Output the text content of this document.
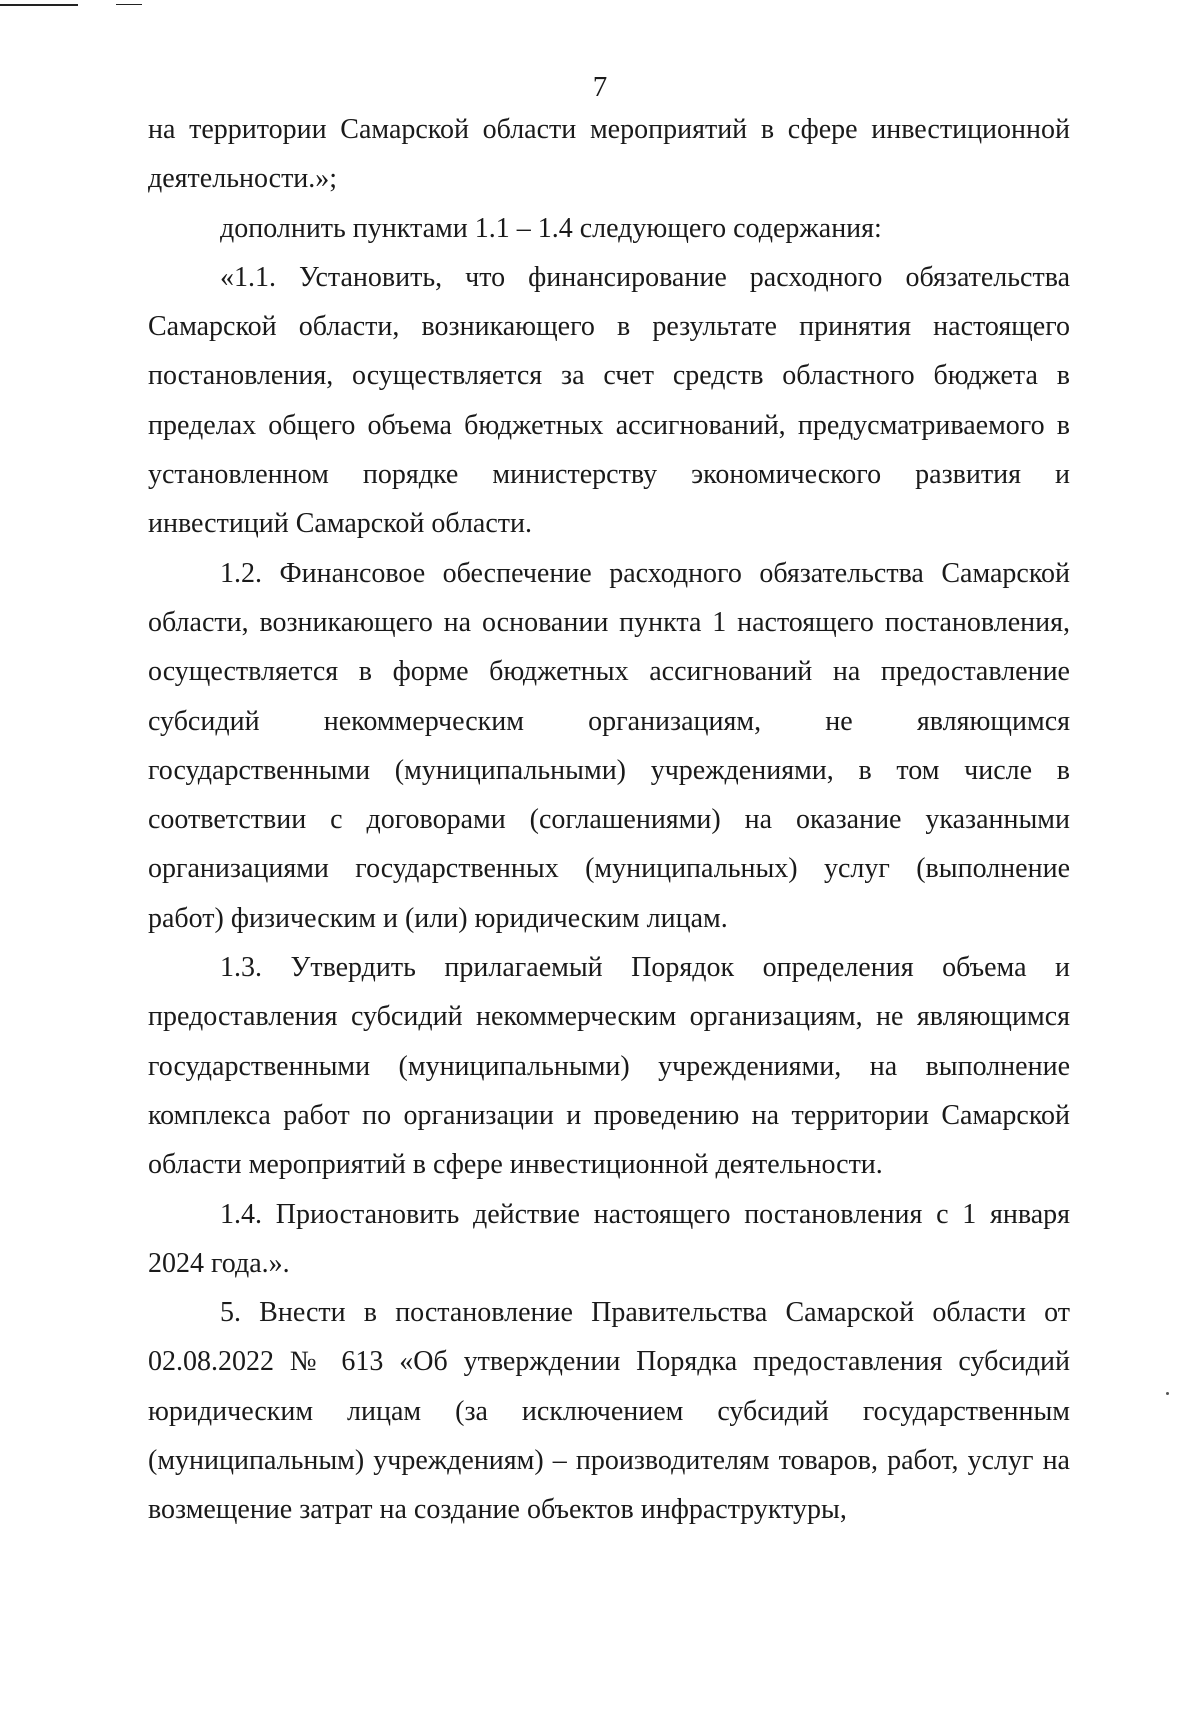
7

на территории Самарской области мероприятий в сфере инвестиционной деятельности.»;

дополнить пунктами 1.1 – 1.4 следующего содержания:

«1.1. Установить, что финансирование расходного обязательства Самарской области, возникающего в результате принятия настоящего постановления, осуществляется за счет средств областного бюджета в пределах общего объема бюджетных ассигнований, предусматриваемого в установленном порядке министерству экономического развития и инвестиций Самарской области.

1.2. Финансовое обеспечение расходного обязательства Самарской области, возникающего на основании пункта 1 настоящего постановления, осуществляется в форме бюджетных ассигнований на предоставление субсидий некоммерческим организациям, не являющимся государственными (муниципальными) учреждениями, в том числе в соответствии с договорами (соглашениями) на оказание указанными организациями государственных (муниципальных) услуг (выполнение работ) физическим и (или) юридическим лицам.

1.3. Утвердить прилагаемый Порядок определения объема и предоставления субсидий некоммерческим организациям, не являющимся государственными (муниципальными) учреждениями, на выполнение комплекса работ по организации и проведению на территории Самарской области мероприятий в сфере инвестиционной деятельности.

1.4. Приостановить действие настоящего постановления с 1 января 2024 года.».

5. Внести в постановление Правительства Самарской области от 02.08.2022 № 613 «Об утверждении Порядка предоставления субсидий юридическим лицам (за исключением субсидий государственным (муниципальным) учреждениям) – производителям товаров, работ, услуг на возмещение затрат на создание объектов инфраструктуры,
